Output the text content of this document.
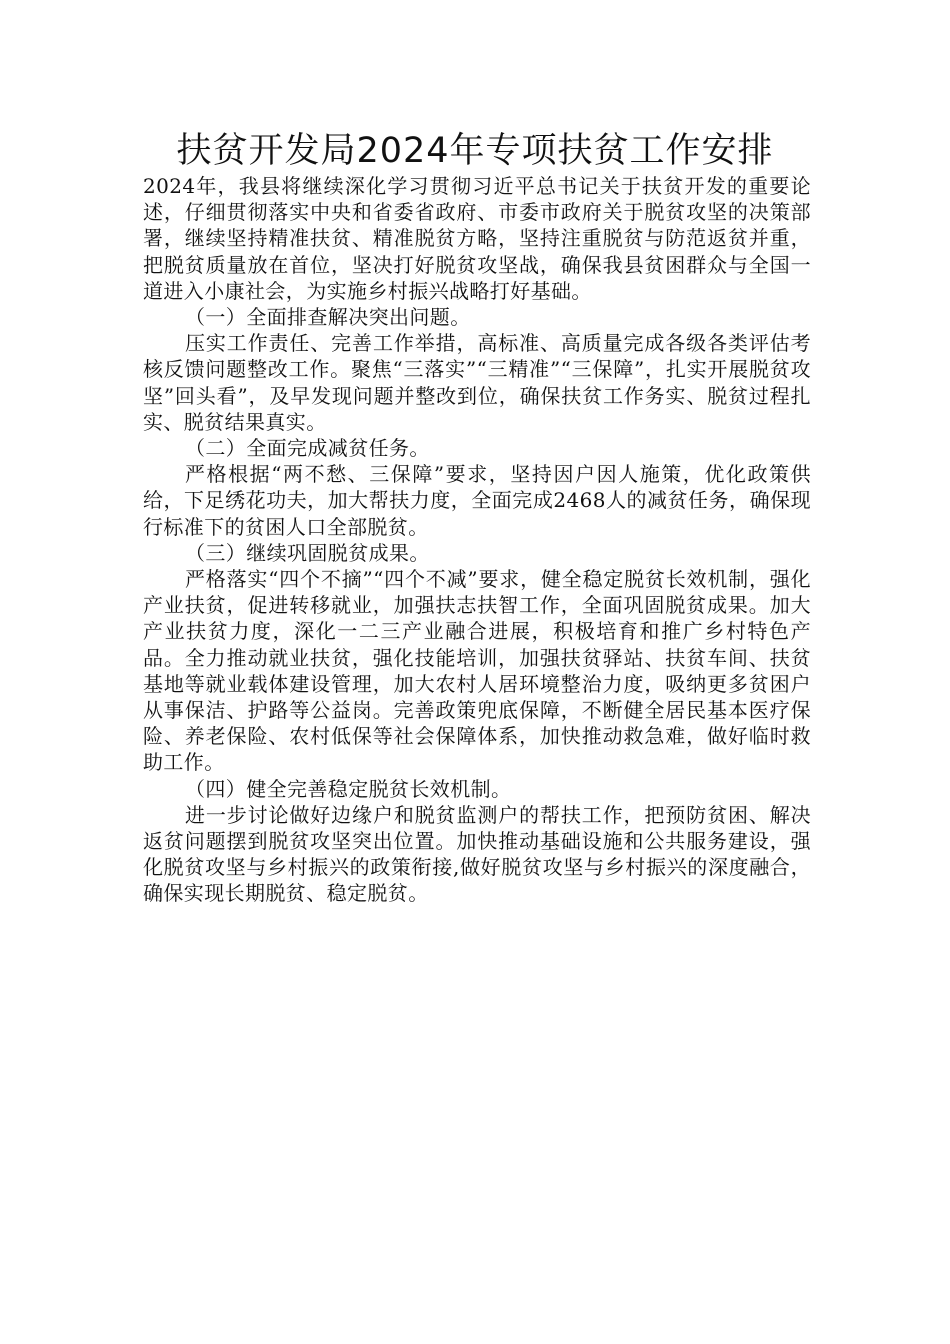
扶贫开发局2024年专项扶贫工作安排

2024年，我县将继续深化学习贯彻习近平总书记关于扶贫开发的重要论述，仔细贯彻落实中央和省委省政府、市委市政府关于脱贫攻坚的决策部署，继续坚持精准扶贫、精准脱贫方略，坚持注重脱贫与防范返贫并重，把脱贫质量放在首位，坚决打好脱贫攻坚战，确保我县贫困群众与全国一道进入小康社会，为实施乡村振兴战略打好基础。

（一）全面排查解决突出问题。

压实工作责任、完善工作举措，高标准、高质量完成各级各类评估考核反馈问题整改工作。聚焦“三落实”“三精准”“三保障”，扎实开展脱贫攻坚”回头看”，及早发现问题并整改到位，确保扶贫工作务实、脱贫过程扎实、脱贫结果真实。

（二）全面完成减贫任务。

严格根据“两不愁、三保障”要求，坚持因户因人施策，优化政策供给，下足绣花功夫，加大帮扶力度，全面完成2468人的减贫任务，确保现行标准下的贫困人口全部脱贫。

（三）继续巩固脱贫成果。

严格落实“四个不摘”“四个不减”要求，健全稳定脱贫长效机制，强化产业扶贫，促进转移就业，加强扶志扶智工作，全面巩固脱贫成果。加大产业扶贫力度，深化一二三产业融合进展，积极培育和推广乡村特色产品。全力推动就业扶贫，强化技能培训，加强扶贫驿站、扶贫车间、扶贫基地等就业载体建设管理，加大农村人居环境整治力度，吸纳更多贫困户从事保洁、护路等公益岗。完善政策兜底保障，不断健全居民基本医疗保险、养老保险、农村低保等社会保障体系，加快推动救急难，做好临时救助工作。

（四）健全完善稳定脱贫长效机制。

进一步讨论做好边缘户和脱贫监测户的帮扶工作，把预防贫困、解决返贫问题摆到脱贫攻坚突出位置。加快推动基础设施和公共服务建设，强化脱贫攻坚与乡村振兴的政策衔接,做好脱贫攻坚与乡村振兴的深度融合，确保实现长期脱贫、稳定脱贫。
